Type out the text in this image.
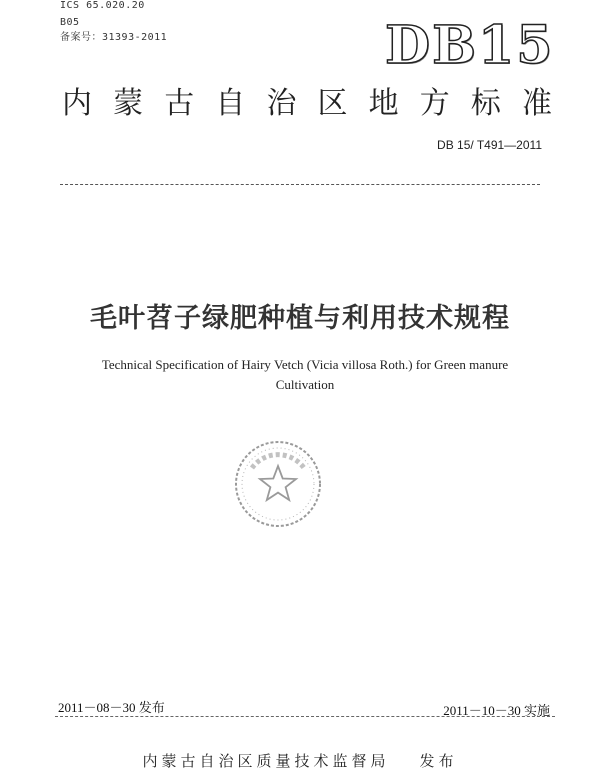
ICS 65.020.20
B05
备案号：31393-2011	DB15
内 蒙 古 自 治 区 地 方 标 准
DB 15/ T491—2011
毛叶苕子绿肥种植与利用技术规程
Technical Specification of Hairy Vetch (Vicia villosa Roth.) for Green manure
Cultivation
2011－08－30 发布	2011－10－30 实施
内蒙古自治区质量技术监督局 发布
